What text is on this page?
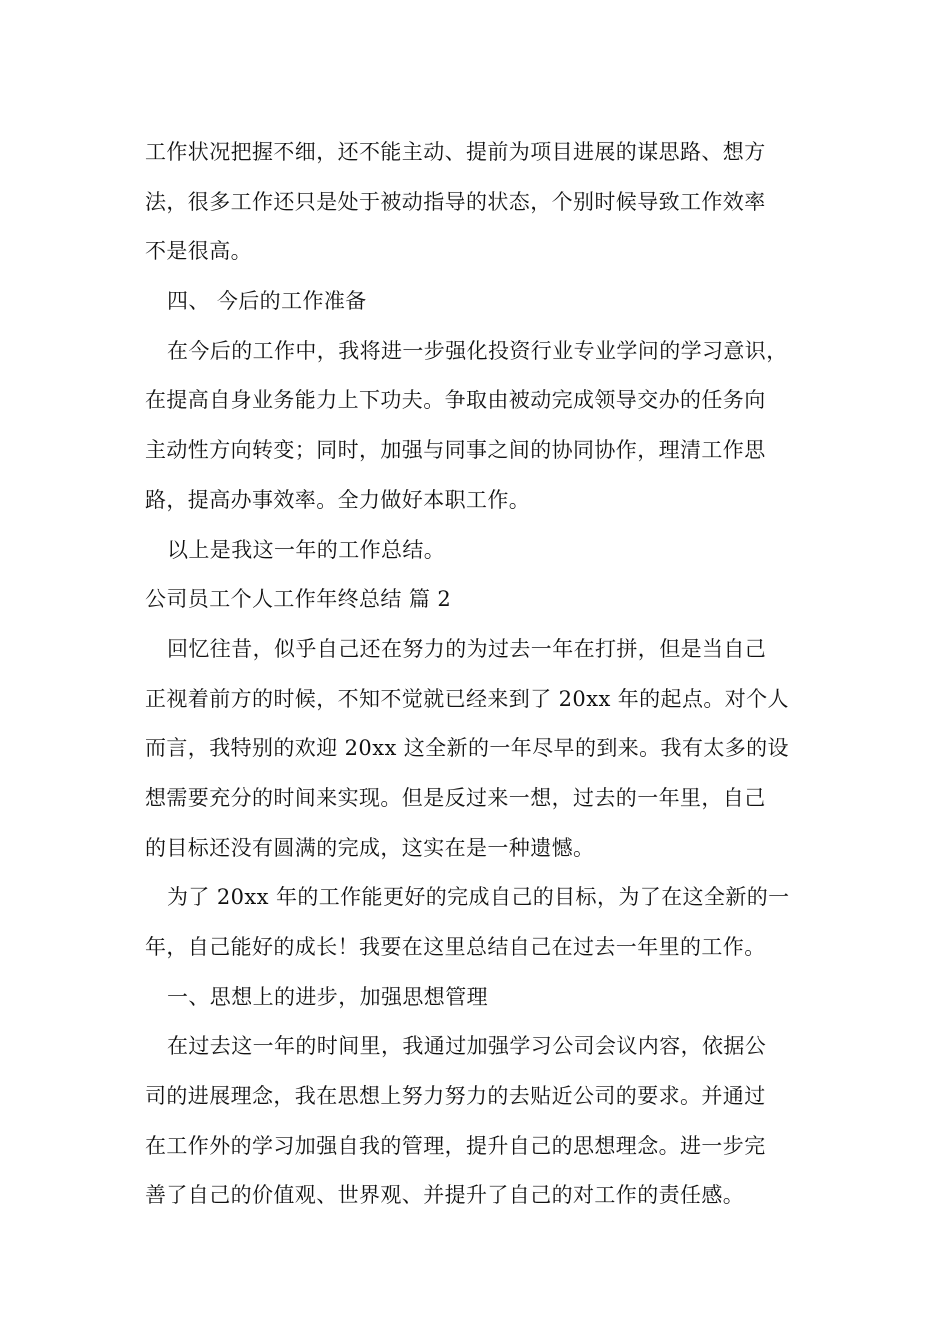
工作状况把握不细，还不能主动、提前为项目进展的谋思路、想方
法，很多工作还只是处于被动指导的状态，个别时候导致工作效率
不是很高。
四、 今后的工作准备
在今后的工作中，我将进一步强化投资行业专业学问的学习意识，
在提高自身业务能力上下功夫。争取由被动完成领导交办的任务向
主动性方向转变；同时，加强与同事之间的协同协作，理清工作思
路，提高办事效率。全力做好本职工作。
以上是我这一年的工作总结。
公司员工个人工作年终总结 篇 2
回忆往昔，似乎自己还在努力的为过去一年在打拼，但是当自己
正视着前方的时候，不知不觉就已经来到了 20xx 年的起点。对个人
而言，我特别的欢迎 20xx 这全新的一年尽早的到来。我有太多的设
想需要充分的时间来实现。但是反过来一想，过去的一年里，自己
的目标还没有圆满的完成，这实在是一种遗憾。
为了 20xx 年的工作能更好的完成自己的目标，为了在这全新的一
年，自己能好的成长！我要在这里总结自己在过去一年里的工作。
一、思想上的进步，加强思想管理
在过去这一年的时间里，我通过加强学习公司会议内容，依据公
司的进展理念，我在思想上努力努力的去贴近公司的要求。并通过
在工作外的学习加强自我的管理，提升自己的思想理念。进一步完
善了自己的价值观、世界观、并提升了自己的对工作的责任感。
